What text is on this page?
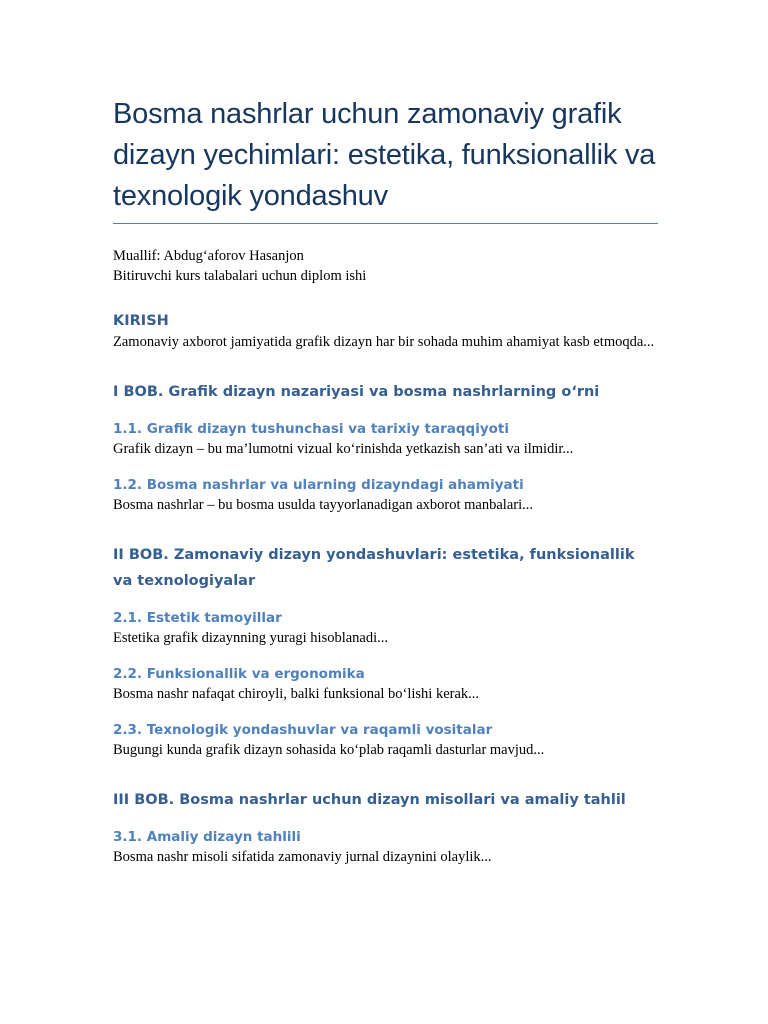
Bosma nashrlar uchun zamonaviy grafik dizayn yechimlari: estetika, funksionallik va texnologik yondashuv
Muallif: Abdug‘aforov Hasanjon
Bitiruvchi kurs talabalari uchun diplom ishi
KIRISH

Zamonaviy axborot jamiyatida grafik dizayn har bir sohada muhim ahamiyat kasb etmoqda...

I BOB. Grafik dizayn nazariyasi va bosma nashrlarning o‘rni
1.1. Grafik dizayn tushunchasi va tarixiy taraqqiyoti

Grafik dizayn – bu ma’lumotni vizual ko‘rinishda yetkazish san’ati va ilmidir...

1.2. Bosma nashrlar va ularning dizayndagi ahamiyati

Bosma nashrlar – bu bosma usulda tayyorlanadigan axborot manbalari...

II BOB. Zamonaviy dizayn yondashuvlari: estetika, funksionallik va texnologiyalar
2.1. Estetik tamoyillar

Estetika grafik dizaynning yuragi hisoblanadi...

2.2. Funksionallik va ergonomika

Bosma nashr nafaqat chiroyli, balki funksional bo‘lishi kerak...

2.3. Texnologik yondashuvlar va raqamli vositalar

Bugungi kunda grafik dizayn sohasida ko‘plab raqamli dasturlar mavjud...

III BOB. Bosma nashrlar uchun dizayn misollari va amaliy tahlil
3.1. Amaliy dizayn tahlili

Bosma nashr misoli sifatida zamonaviy jurnal dizaynini olaylik...
